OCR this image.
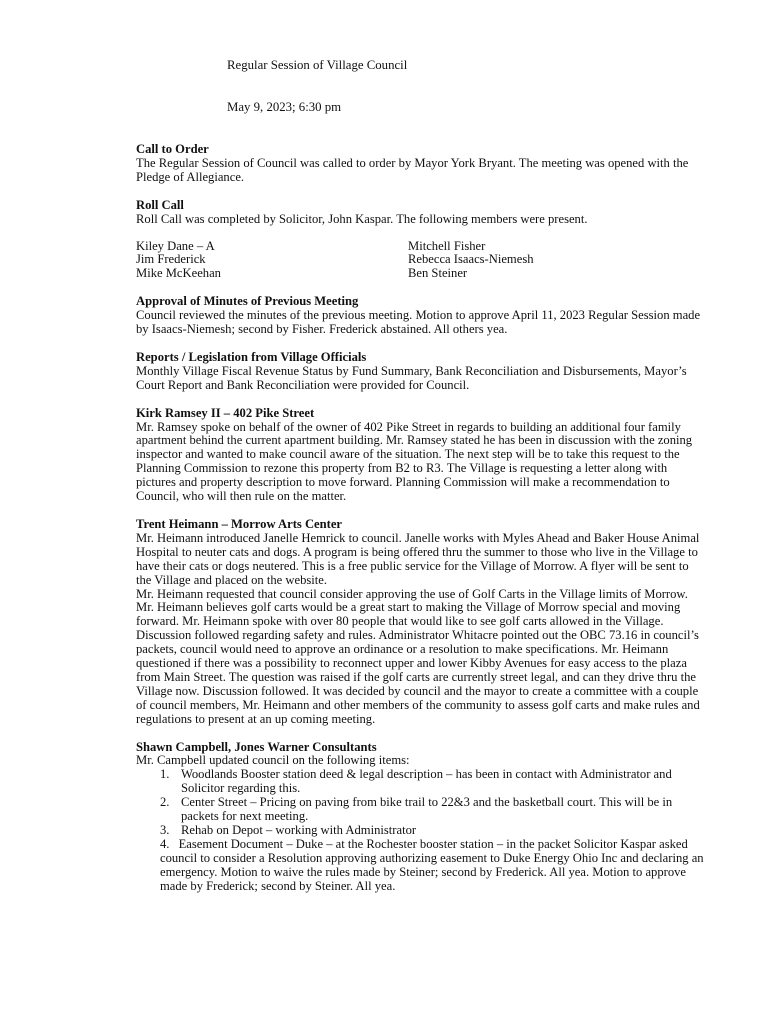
Regular Session of Village Council
May 9, 2023; 6:30 pm
Call to Order

The Regular Session of Council was called to order by Mayor York Bryant. The meeting was opened with the Pledge of Allegiance.

Roll Call

Roll Call was completed by Solicitor, John Kaspar. The following members were present.

Kiley Dane – A
Jim Frederick
Mike McKeehan
Mitchell Fisher
Rebecca Isaacs-Niemesh
Ben Steiner
Approval of Minutes of Previous Meeting

Council reviewed the minutes of the previous meeting. Motion to approve April 11, 2023 Regular Session made by Isaacs-Niemesh; second by Fisher. Frederick abstained. All others yea.

Reports / Legislation from Village Officials

Monthly Village Fiscal Revenue Status by Fund Summary, Bank Reconciliation and Disbursements, Mayor’s Court Report and Bank Reconciliation were provided for Council.

Kirk Ramsey II – 402 Pike Street

Mr. Ramsey spoke on behalf of the owner of 402 Pike Street in regards to building an additional four family apartment behind the current apartment building. Mr. Ramsey stated he has been in discussion with the zoning inspector and wanted to make council aware of the situation. The next step will be to take this request to the Planning Commission to rezone this property from B2 to R3. The Village is requesting a letter along with pictures and property description to move forward. Planning Commission will make a recommendation to Council, who will then rule on the matter.

Trent Heimann – Morrow Arts Center

Mr. Heimann introduced Janelle Hemrick to council. Janelle works with Myles Ahead and Baker House Animal Hospital to neuter cats and dogs. A program is being offered thru the summer to those who live in the Village to have their cats or dogs neutered. This is a free public service for the Village of Morrow. A flyer will be sent to the Village and placed on the website.

Mr. Heimann requested that council consider approving the use of Golf Carts in the Village limits of Morrow. Mr. Heimann believes golf carts would be a great start to making the Village of Morrow special and moving forward. Mr. Heimann spoke with over 80 people that would like to see golf carts allowed in the Village. Discussion followed regarding safety and rules. Administrator Whitacre pointed out the OBC 73.16 in council’s packets, council would need to approve an ordinance or a resolution to make specifications. Mr. Heimann questioned if there was a possibility to reconnect upper and lower Kibby Avenues for easy access to the plaza from Main Street. The question was raised if the golf carts are currently street legal, and can they drive thru the Village now. Discussion followed. It was decided by council and the mayor to create a committee with a couple of council members, Mr. Heimann and other members of the community to assess golf carts and make rules and regulations to present at an up coming meeting.

Shawn Campbell, Jones Warner Consultants

Mr. Campbell updated council on the following items:

1. Woodlands Booster station deed & legal description – has been in contact with Administrator and Solicitor regarding this.
2. Center Street – Pricing on paving from bike trail to 22&3 and the basketball court. This will be in packets for next meeting.
3. Rehab on Depot – working with Administrator
4. Easement Document – Duke – at the Rochester booster station – in the packet Solicitor Kaspar asked council to consider a Resolution approving authorizing easement to Duke Energy Ohio Inc and declaring an emergency. Motion to waive the rules made by Steiner; second by Frederick. All yea. Motion to approve made by Frederick; second by Steiner. All yea.
